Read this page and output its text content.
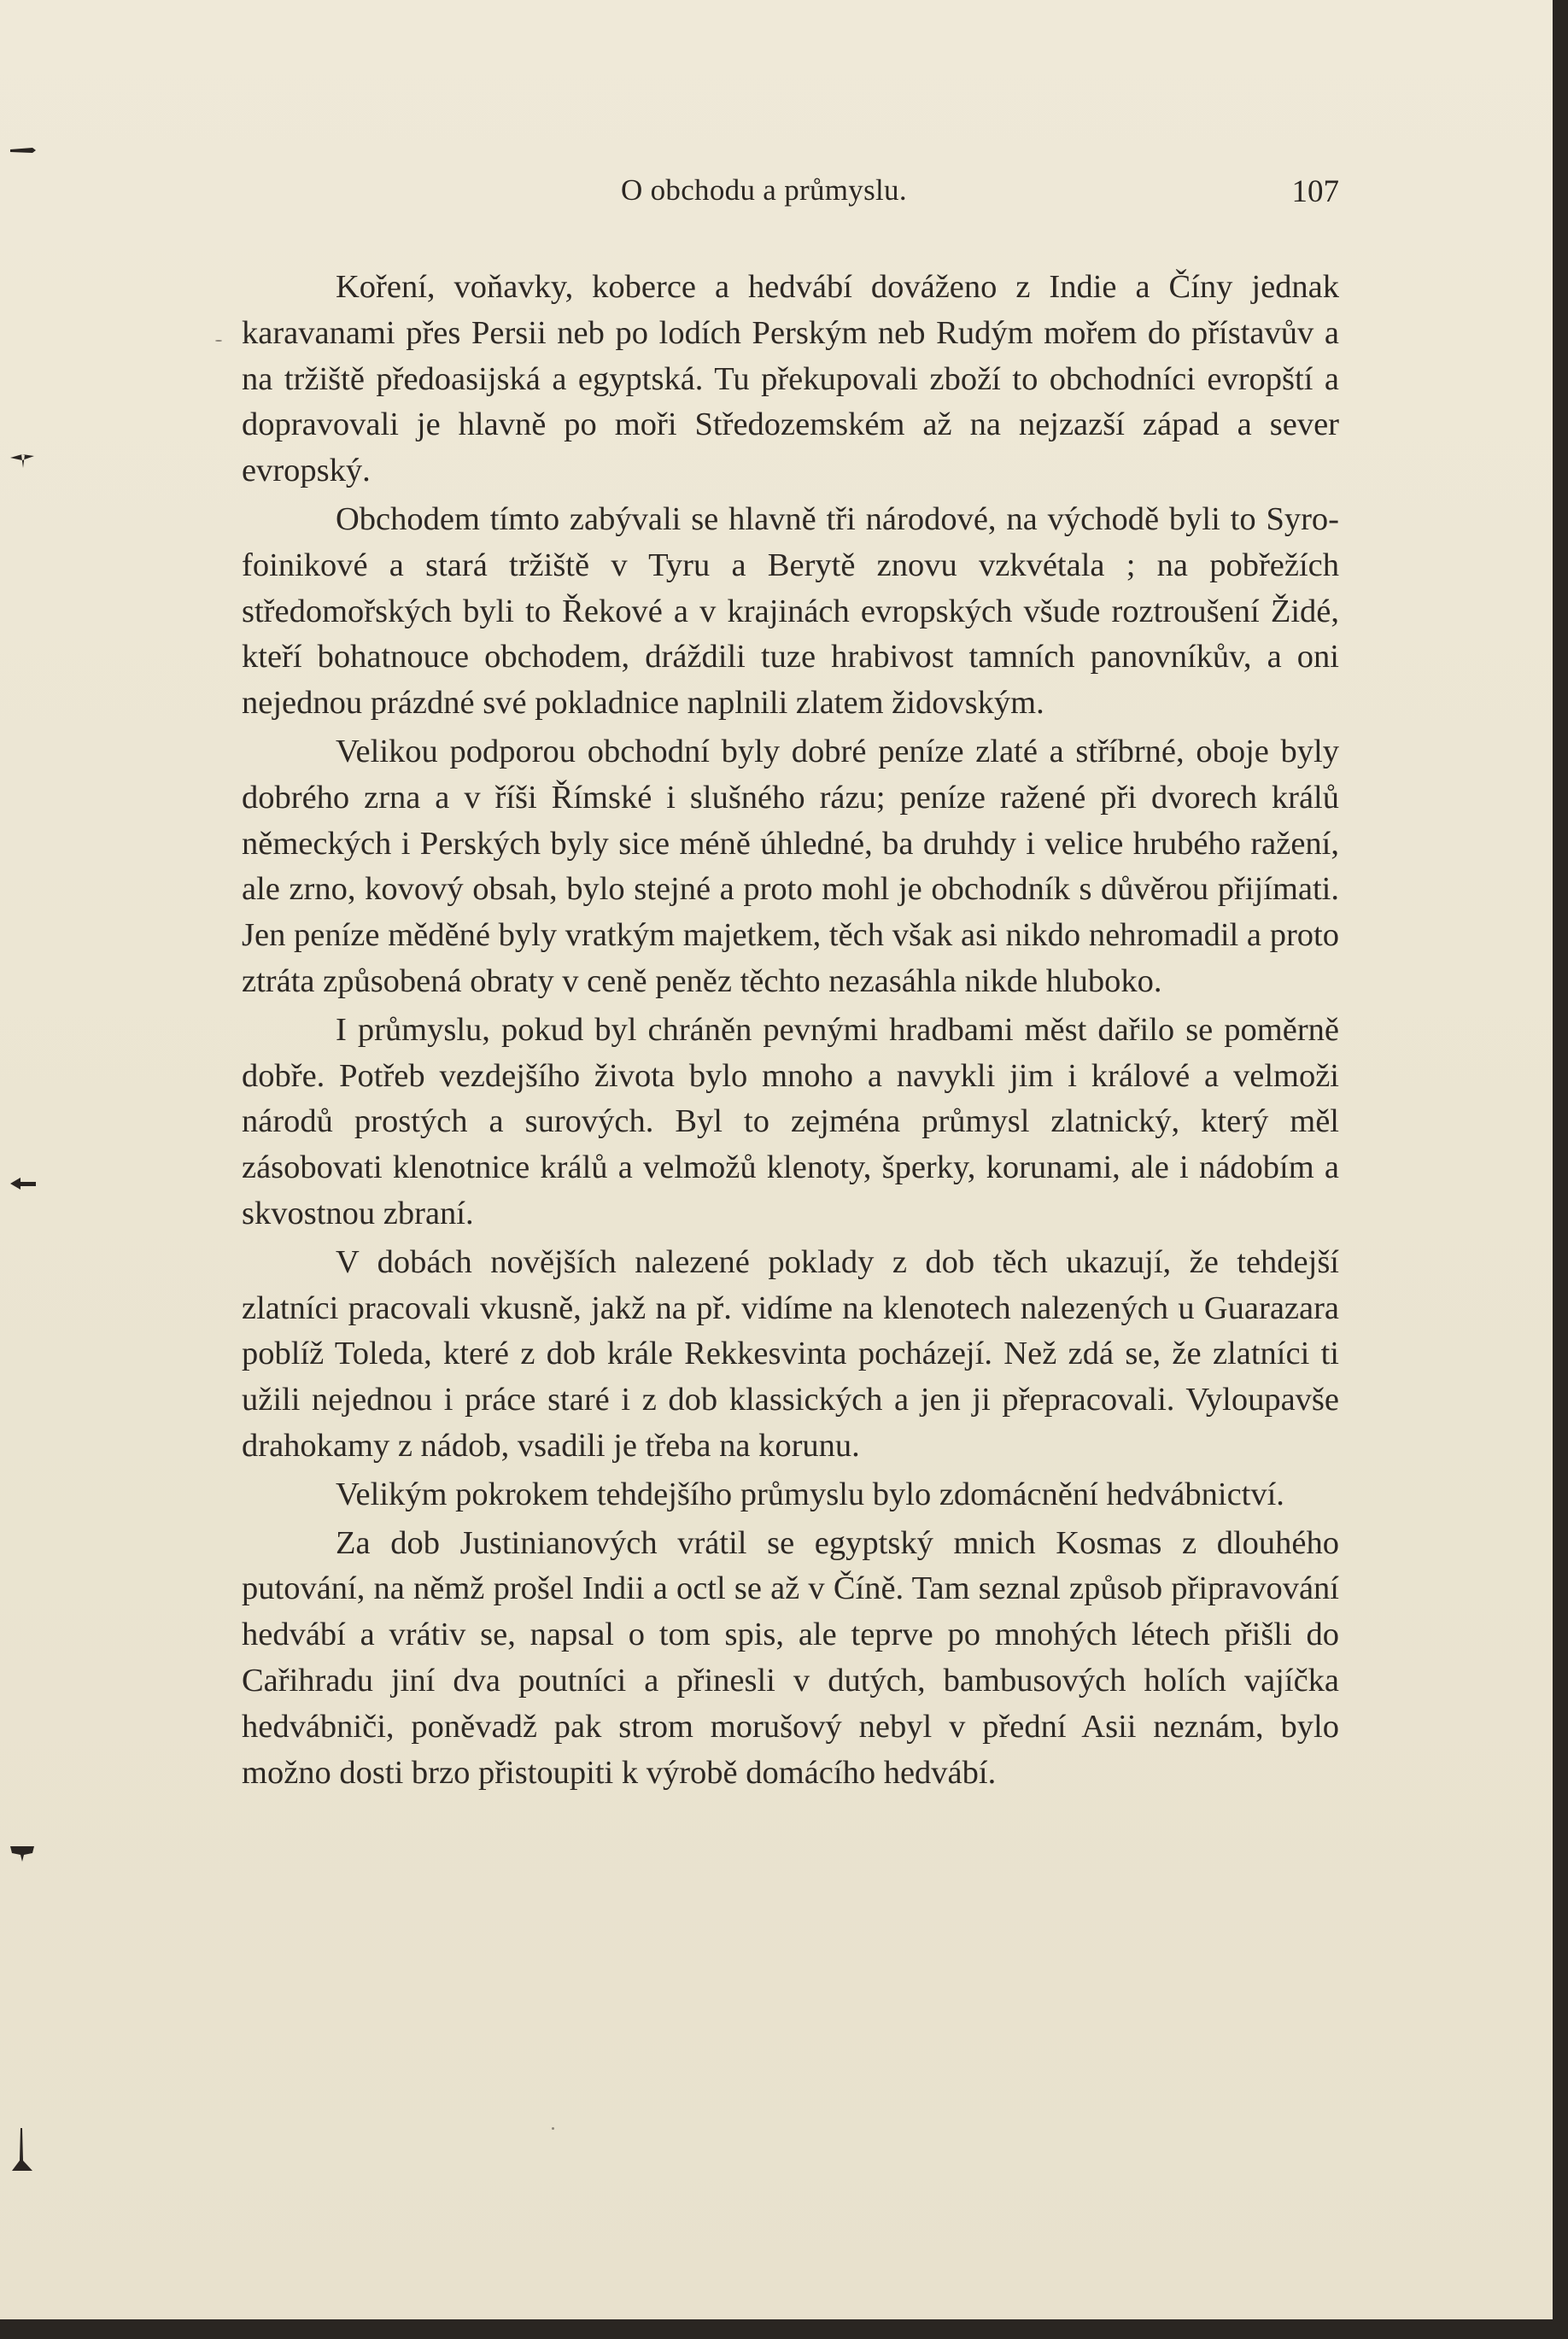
O obchodu a průmyslu.	107

Koření, voňavky, koberce a hedvábí dováženo z Indie a Číny jednak karavanami přes Persii neb po lodích Perským neb Rudým mořem do přístavův a na tržiště předoasijská a egyptská. Tu překupovali zboží to obchodníci evropští a dopravovali je hlavně po moři Středozemském až na nejzazší západ a sever evropský.

Obchodem tímto zabývali se hlavně tři národové, na východě byli to Syro-foinikové a stará tržiště v Tyru a Berytě znovu vzkvétala ; na pobřežích středomořských byli to Řekové a v krajinách evropských všude roztroušení Židé, kteří bohatnouce obchodem, dráždili tuze hrabivost tamních panovníkův, a oni nejednou prázdné své pokladnice naplnili zlatem židovským.

Velikou podporou obchodní byly dobré peníze zlaté a stříbrné, oboje byly dobrého zrna a v říši Římské i slušného rázu; peníze ražené při dvorech králů německých i Perských byly sice méně úhledné, ba druhdy i velice hrubého ražení, ale zrno, kovový obsah, bylo stejné a proto mohl je obchodník s důvěrou přijímati. Jen peníze měděné byly vratkým majetkem, těch však asi nikdo nehromadil a proto ztráta způsobená obraty v ceně peněz těchto nezasáhla nikde hluboko.

I průmyslu, pokud byl chráněn pevnými hradbami měst dařilo se poměrně dobře. Potřeb vezdejšího života bylo mnoho a navykli jim i králové a velmoži národů prostých a surových. Byl to zejména průmysl zlatnický, který měl zásobovati klenotnice králů a velmožů klenoty, šperky, korunami, ale i nádobím a skvostnou zbraní.

V dobách novějších nalezené poklady z dob těch ukazují, že tehdejší zlatníci pracovali vkusně, jakž na př. vidíme na klenotech nalezených u Guarazara poblíž Toleda, které z dob krále Rekkesvinta pocházejí. Než zdá se, že zlatníci ti užili nejednou i práce staré i z dob klassických a jen ji přepracovali. Vyloupavše drahokamy z nádob, vsadili je třeba na korunu.

Velikým pokrokem tehdejšího průmyslu bylo zdomácnění hedvábnictví.

Za dob Justinianových vrátil se egyptský mnich Kosmas z dlouhého putování, na němž prošel Indii a octl se až v Číně. Tam seznal způsob připravování hedvábí a vrátiv se, napsal o tom spis, ale teprve po mnohých létech přišli do Cařihradu jiní dva poutníci a přinesli v dutých, bambusových holích vajíčka hedvábniči, poněvadž pak strom morušový nebyl v přední Asii neznám, bylo možno dosti brzo přistoupiti k výrobě domácího hedvábí.
